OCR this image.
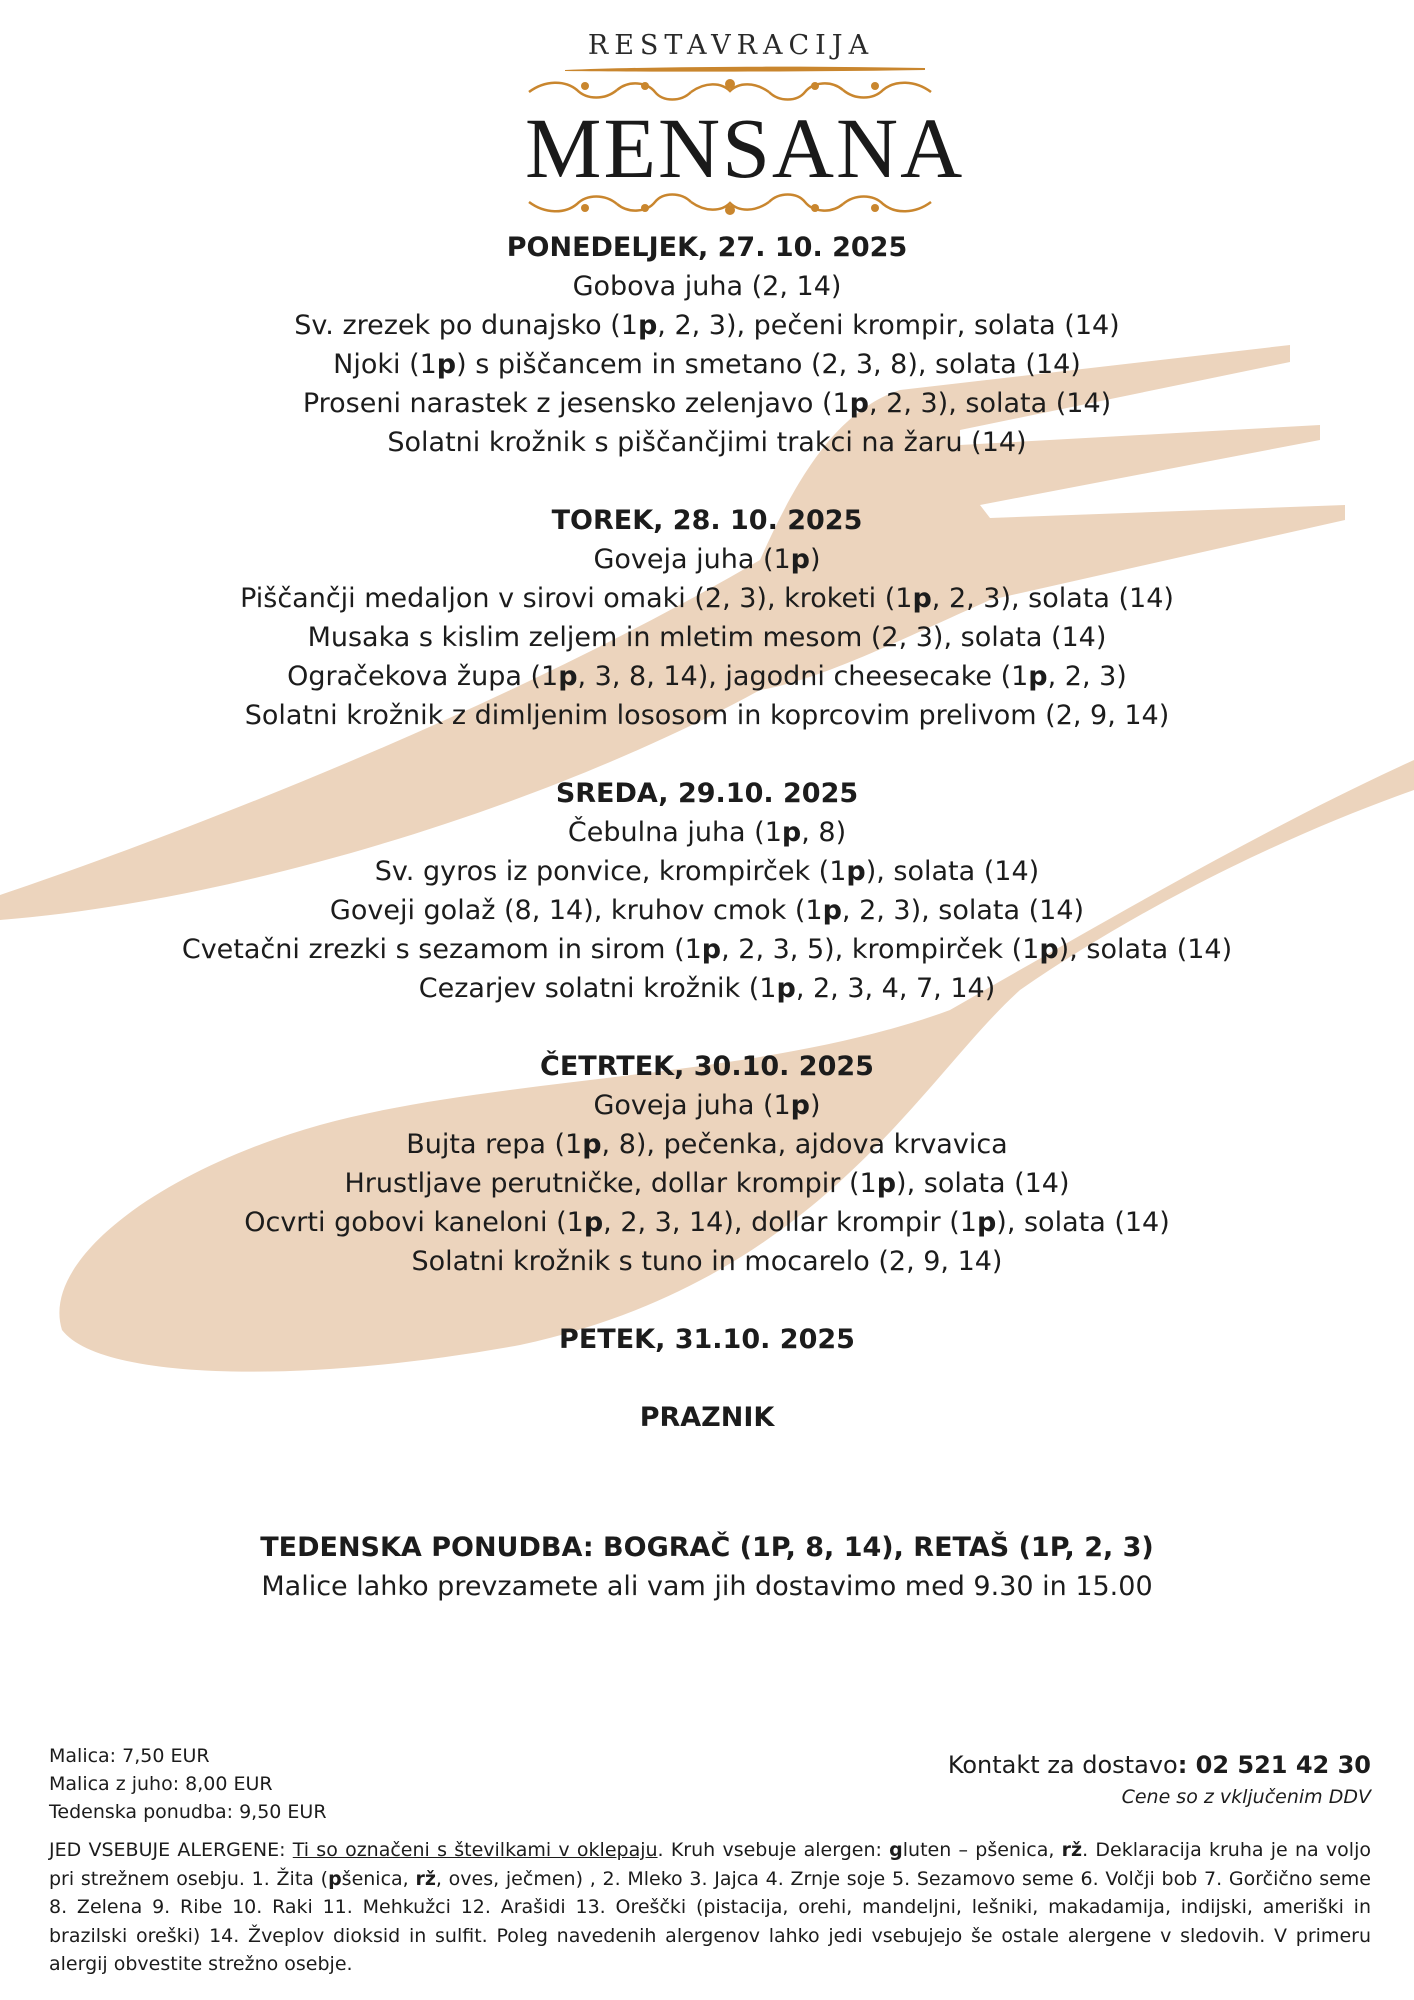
RESTAVRACIJA
MENSANA
PONEDELJEK, 27. 10. 2025
Gobova juha (2, 14)
Sv. zrezek po dunajsko (1p, 2, 3), pečeni krompir, solata (14)
Njoki (1p) s piščancem in smetano (2, 3, 8), solata (14)
Proseni narastek z jesensko zelenjavo (1p, 2, 3), solata (14)
Solatni krožnik s piščančjimi trakci na žaru (14)
TOREK, 28. 10. 2025
Goveja juha (1p)
Piščančji medaljon v sirovi omaki (2, 3), kroketi (1p, 2, 3), solata (14)
Musaka s kislim zeljem in mletim mesom (2, 3), solata (14)
Ogračekova župa (1p, 3, 8, 14), jagodni cheesecake (1p, 2, 3)
Solatni krožnik z dimljenim lososom in koprcovim prelivom (2, 9, 14)
SREDA, 29.10. 2025
Čebulna juha (1p, 8)
Sv. gyros iz ponvice, krompirček (1p), solata (14)
Goveji golaž (8, 14), kruhov cmok (1p, 2, 3), solata (14)
Cvetačni zrezki s sezamom in sirom (1p, 2, 3, 5), krompirček (1p), solata (14)
Cezarjev solatni krožnik (1p, 2, 3, 4, 7, 14)
ČETRTEK, 30.10. 2025
Goveja juha (1p)
Bujta repa (1p, 8), pečenka, ajdova krvavica
Hrustljave perutničke, dollar krompir (1p), solata (14)
Ocvrti gobovi kaneloni (1p, 2, 3, 14), dollar krompir (1p), solata (14)
Solatni krožnik s tuno in mocarelo (2, 9, 14)
PETEK, 31.10. 2025
PRAZNIK
TEDENSKA PONUDBA: BOGRAČ (1P, 8, 14), RETAŠ (1P, 2, 3)
Malice lahko prevzamete ali vam jih dostavimo med 9.30 in 15.00
Malica: 7,50 EUR
Malica z juho: 8,00 EUR
Tedenska ponudba: 9,50 EUR
Kontakt za dostavo: 02 521 42 30
Cene so z vključenim DDV
JED VSEBUJE ALERGENE: Ti so označeni s številkami v oklepaju. Kruh vsebuje alergen: gluten – pšenica, rž. Deklaracija kruha je na voljo pri strežnem osebju. 1. Žita (pšenica, rž, oves, ječmen) , 2. Mleko 3. Jajca 4. Zrnje soje 5. Sezamovo seme 6. Volčji bob 7. Gorčično seme 8. Zelena 9. Ribe 10. Raki 11. Mehkužci 12. Arašidi 13. Oreščki (pistacija, orehi, mandeljni, lešniki, makadamija, indijski, ameriški in brazilski oreški) 14. Žveplov dioksid in sulfit. Poleg navedenih alergenov lahko jedi vsebujejo še ostale alergene v sledovih. V primeru alergij obvestite strežno osebje.
